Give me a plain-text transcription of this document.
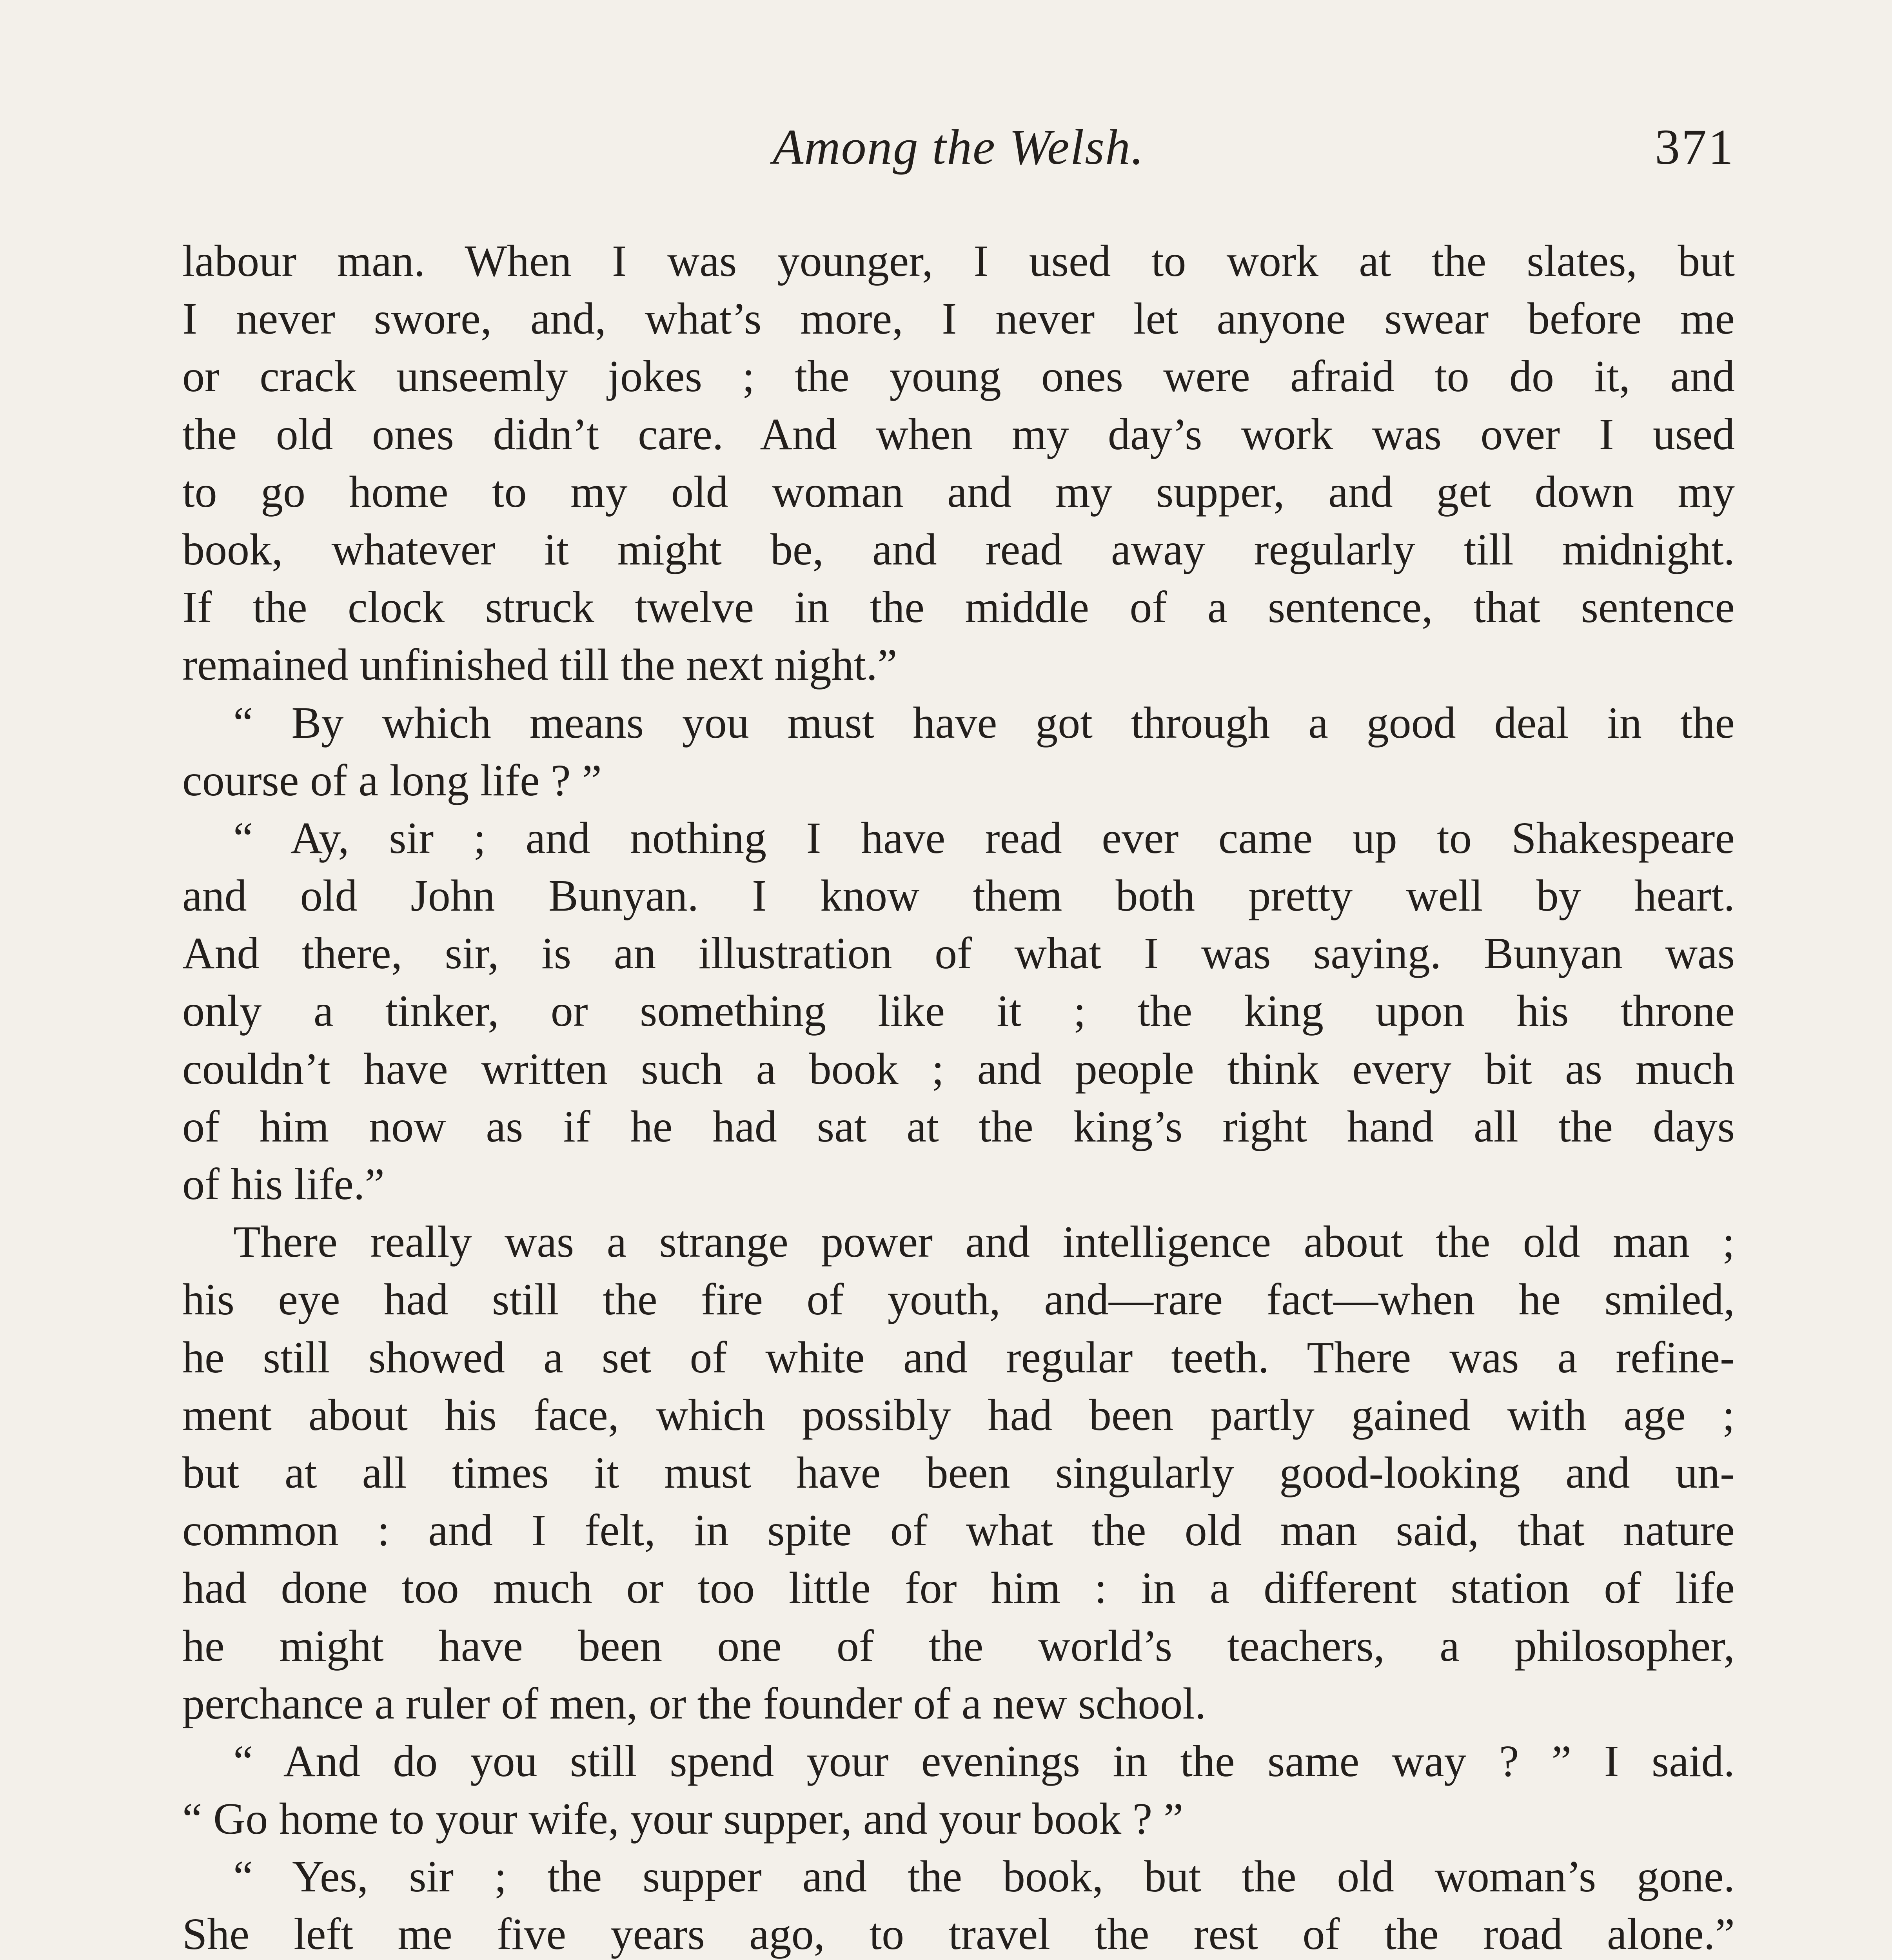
Among the Welsh.	371
labour man. When I was younger, I used to work at the slates, but
I never swore, and, what’s more, I never let anyone swear before me
or crack unseemly jokes ; the young ones were afraid to do it, and
the old ones didn’t care. And when my day’s work was over I used
to go home to my old woman and my supper, and get down my
book, whatever it might be, and read away regularly till midnight.
If the clock struck twelve in the middle of a sentence, that sentence
remained unfinished till the next night.”
“ By which means you must have got through a good deal in the
course of a long life ? ”
“ Ay, sir ; and nothing I have read ever came up to Shakespeare
and old John Bunyan. I know them both pretty well by heart.
And there, sir, is an illustration of what I was saying. Bunyan was
only a tinker, or something like it ; the king upon his throne
couldn’t have written such a book ; and people think every bit as much
of him now as if he had sat at the king’s right hand all the days
of his life.”
There really was a strange power and intelligence about the old man ;
his eye had still the fire of youth, and—rare fact—when he smiled,
he still showed a set of white and regular teeth. There was a refine-
ment about his face, which possibly had been partly gained with age ;
but at all times it must have been singularly good-looking and un-
common : and I felt, in spite of what the old man said, that nature
had done too much or too little for him : in a different station of life
he might have been one of the world’s teachers, a philosopher,
perchance a ruler of men, or the founder of a new school.
“ And do you still spend your evenings in the same way ? ” I said.
“ Go home to your wife, your supper, and your book ? ”
“ Yes, sir ; the supper and the book, but the old woman’s gone.
She left me five years ago, to travel the rest of the road alone.”
